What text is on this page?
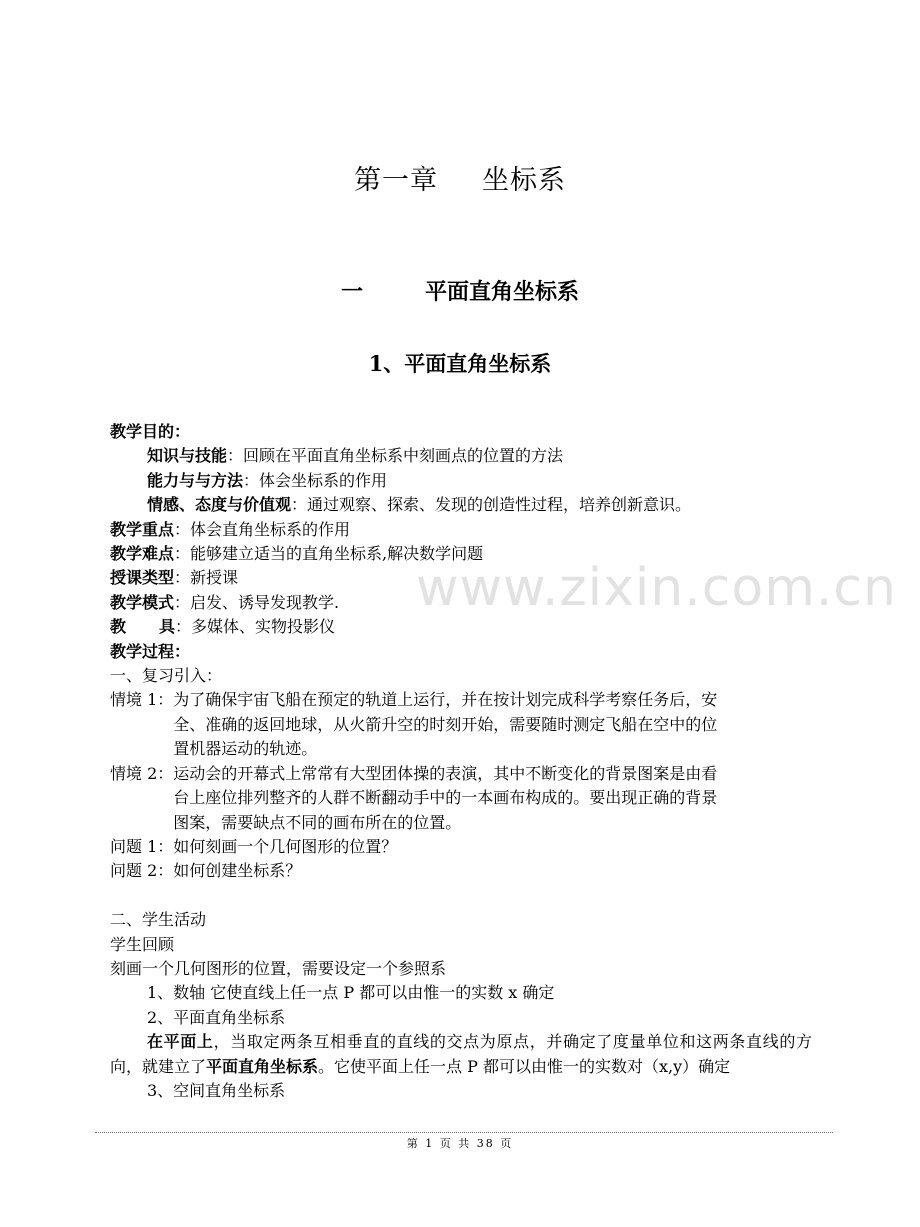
第一章 坐标系
一	平面直角坐标系
1、平面直角坐标系

教学目的：

知识与技能：回顾在平面直角坐标系中刻画点的位置的方法

能力与与方法：体会坐标系的作用

情感、态度与价值观：通过观察、探索、发现的创造性过程，培养创新意识。

教学重点：体会直角坐标系的作用

教学难点：能够建立适当的直角坐标系,解决数学问题

授课类型：新授课

教学模式：启发、诱导发现教学.

教 具：多媒体、实物投影仪

教学过程：

一、复习引入：

情境 1： 为了确保宇宙飞船在预定的轨道上运行，并在按计划完成科学考察任务后，安
全、准确的返回地球，从火箭升空的时刻开始，需要随时测定飞船在空中的位
置机器运动的轨迹。
情境 2： 运动会的开幕式上常常有大型团体操的表演，其中不断变化的背景图案是由看
台上座位排列整齐的人群不断翻动手中的一本画布构成的。要出现正确的背景
图案，需要缺点不同的画布所在的位置。

问题 1：如何刻画一个几何图形的位置？

问题 2：如何创建坐标系？

二、学生活动

学生回顾

刻画一个几何图形的位置，需要设定一个参照系

1、数轴 它使直线上任一点 P 都可以由惟一的实数 x 确定

2、平面直角坐标系

在平面上，当取定两条互相垂直的直线的交点为原点，并确定了度量单位和这两条直线的方向，就建立了平面直角坐标系。它使平面上任一点 P 都可以由惟一的实数对（x,y）确定

3、空间直角坐标系

www.zixin.com.cn
第 1 页 共 38 页
